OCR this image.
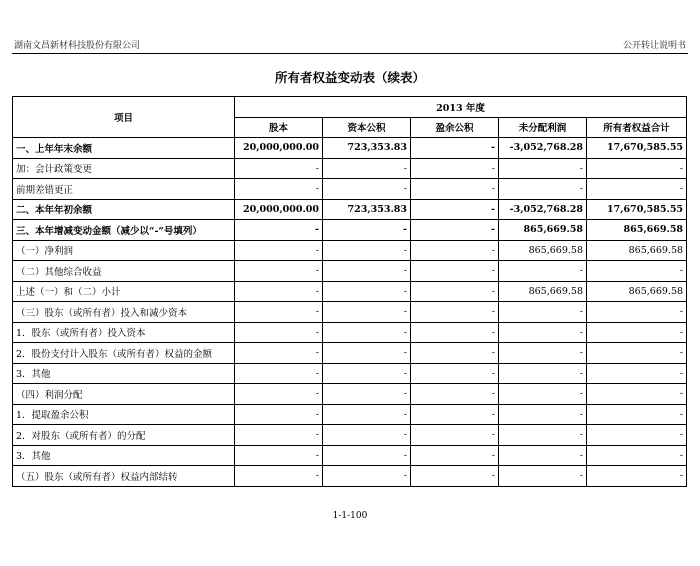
湖南文昌新材科技股份有限公司	公开转让说明书
所有者权益变动表（续表）
项目	2013 年度				
	股本	资本公积	盈余公积	未分配利润	所有者权益合计
一、上年年末余额	20,000,000.00	723,353.83	-	-3,052,768.28	17,670,585.55
加：会计政策变更	-	-	-	-	-
前期差错更正	-	-	-	-	-
二、本年年初余额	20,000,000.00	723,353.83	-	-3,052,768.28	17,670,585.55
三、本年增减变动金额（减少以“-”号填列）	-	-	-	865,669.58	865,669.58
（一）净利润	-	-	-	865,669.58	865,669.58
（二）其他综合收益	-	-	-	-	-
上述（一）和（二）小计	-	-	-	865,669.58	865,669.58
（三）股东（或所有者）投入和减少资本	-	-	-	-	-
1．股东（或所有者）投入资本	-	-	-	-	-
2．股份支付计入股东（或所有者）权益的金额	-	-	-	-	-
3．其他	-	-	-	-	-
（四）利润分配	-	-	-	-	-
1．提取盈余公积	-	-	-	-	-
2．对股东（或所有者）的分配	-	-	-	-	-
3．其他	-	-	-	-	-
（五）股东（或所有者）权益内部结转	-	-	-	-	-
1-1-100
